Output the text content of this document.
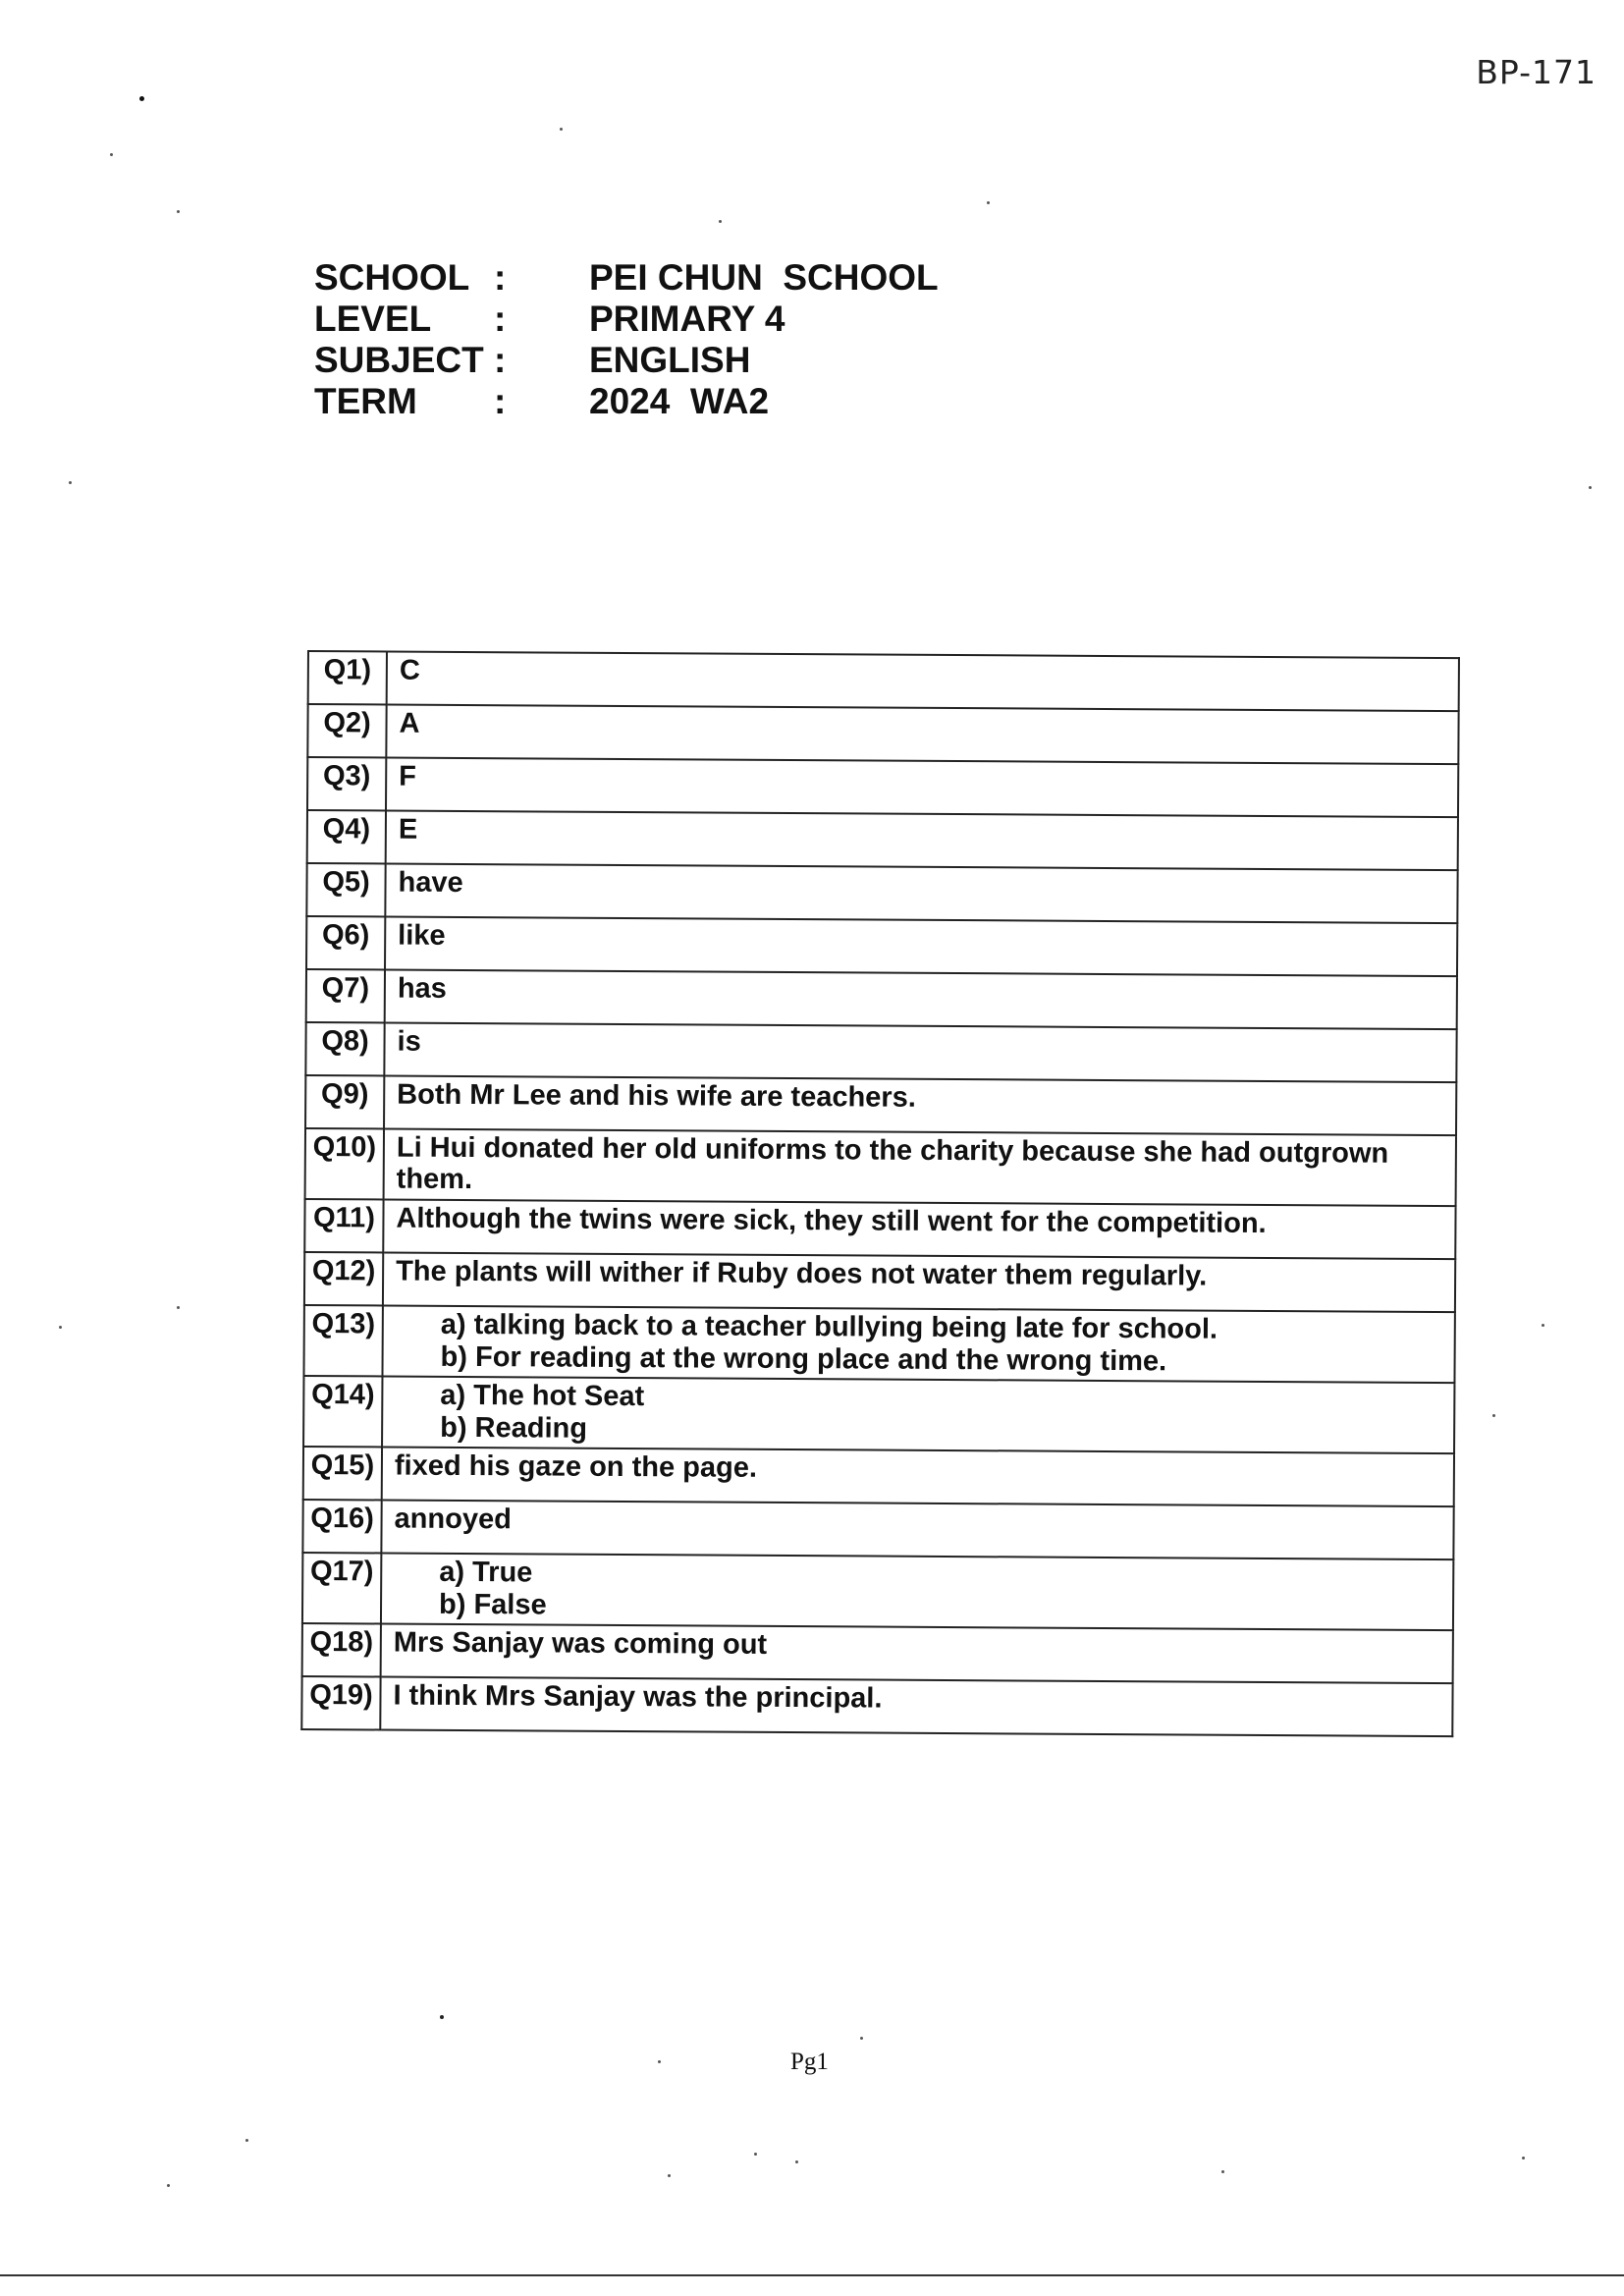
BP-171
SCHOOL :	PEI CHUN  SCHOOL
LEVEL	:	PRIMARY 4
SUBJECT :	ENGLISH
TERM	:	2024  WA2
Q1)	C
Q2)	A
Q3)	F
Q4)	E
Q5)	have
Q6)	like
Q7)	has
Q8)	is
Q9)	Both Mr Lee and his wife are teachers.
Q10)	Li Hui donated her old uniforms to the charity because she had outgrown them.
Q11)	Although the twins were sick, they still went for the competition.
Q12)	The plants will wither if Ruby does not water them regularly.
Q13)	a) talking back to a teacher bullying being late for school.
b) For reading at the wrong place and the wrong time.

Q14)	a) The hot Seat
b) Reading

Q15)	fixed his gaze on the page.
Q16)	annoyed
Q17)	a) True
b) False

Q18)	Mrs Sanjay was coming out
Q19)	I think Mrs Sanjay was the principal.
Pg1
